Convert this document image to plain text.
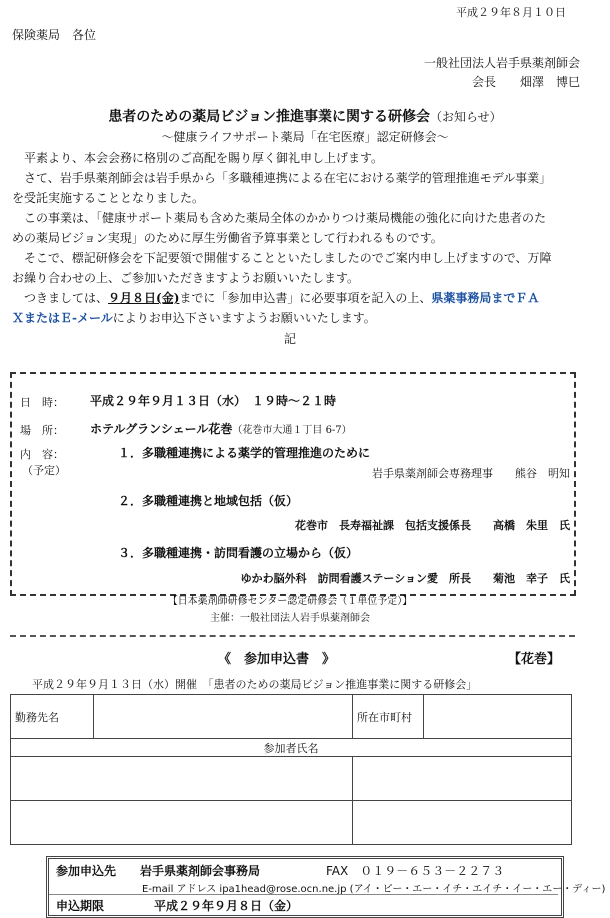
平成２９年８月１０日
保険薬局　各位
一般社団法人岩手県薬剤師会
会長　　畑澤　博巳
患者のための薬局ビジョン推進事業に関する研修会（お知らせ）
～健康ライフサポート薬局「在宅医療」認定研修会～

　平素より、本会会務に格別のご高配を賜り厚く御礼申し上げます。

　さて、岩手県薬剤師会は岩手県から「多職種連携による在宅における薬学的管理推進モデル事業」

を受託実施することとなりました。

　この事業は、「健康サポート薬局も含めた薬局全体のかかりつけ薬局機能の強化に向けた患者のた

めの薬局ビジョン実現」のために厚生労働省予算事業として行われるものです。

　そこで、標記研修会を下記要領で開催することといたしましたのでご案内申し上げますので、万障

お繰り合わせの上、ご参加いただきますようお願いいたします。

　つきましては、９月８日(金)までに「参加申込書」に必要事項を記入の上、県薬事務局までＦＡ

ＸまたはＥ-メールによりお申込下さいますようお願いいたします。

記
日　時： 平成２９年９月１３日（水）　１９時～２１時
場　所： ホテルグランシェール花巻（花巻市大通１丁目 6-7）
内　容：
（予定）
１．多職種連携による薬学的管理推進のために
岩手県薬剤師会専務理事　　熊谷　明知
２．多職種連携と地域包括（仮）
花巻市　長寿福祉課　包括支援係長　　高橋　朱里　氏
３．多職種連携・訪問看護の立場から（仮）
ゆかわ脳外科　訪問看護ステーション愛　所長　　菊池　幸子　氏
【日本薬剤師研修センター認定研修会（１単位予定）】
主催：一般社団法人岩手県薬剤師会
《　参加申込書　》	【花巻】
平成２９年９月１３日（水）開催　「患者のための薬局ビジョン推進事業に関する研修会」
勤務先名		所在市町村	
参加者氏名			

参加申込先 岩手県薬剤師会事務局	FAX　０１９－６５３－２２７３
E-mail アドレス ipa1head@rose.ocn.ne.jp (アイ・ピー・エー・イチ・エイチ・イー・エー・ディー)
申込期限	平成２９年９月８日（金）
